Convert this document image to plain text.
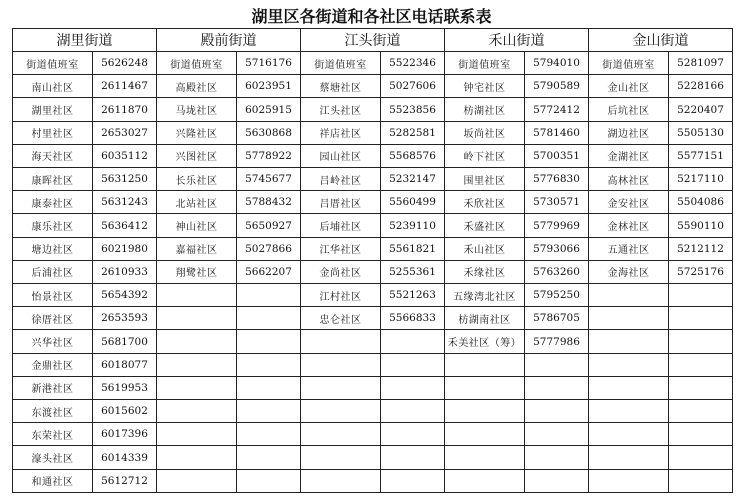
湖里区各街道和各社区电话联系表
湖里街道		殿前街道		江头街道		禾山街道		金山街道	
街道值班室	5626248	街道值班室	5716176	街道值班室	5522346	街道值班室	5794010	街道值班室	5281097
南山社区	2611467	高殿社区	6023951	蔡塘社区	5027606	钟宅社区	5790589	金山社区	5228166
湖里社区	2611870	马垅社区	6025915	江头社区	5523856	枋湖社区	5772412	后坑社区	5220407
村里社区	2653027	兴隆社区	5630868	祥店社区	5282581	坂尚社区	5781460	湖边社区	5505130
海天社区	6035112	兴图社区	5778922	园山社区	5568576	岭下社区	5700351	金湖社区	5577151
康晖社区	5631250	长乐社区	5745677	吕岭社区	5232147	围里社区	5776830	高林社区	5217110
康泰社区	5631243	北站社区	5788432	吕厝社区	5560499	禾欣社区	5730571	金安社区	5504086
康乐社区	5636412	神山社区	5650927	后埔社区	5239110	禾盛社区	5779969	金林社区	5590110
塘边社区	6021980	嘉福社区	5027866	江华社区	5561821	禾山社区	5793066	五通社区	5212112
后浦社区	2610933	翔鹭社区	5662207	金尚社区	5255361	禾缘社区	5763260	金海社区	5725176
怡景社区	5654392			江村社区	5521263	五缘湾北社区	5795250		
徐厝社区	2653593			忠仑社区	5566833	枋湖南社区	5786705		
兴华社区	5681700					禾美社区（筹）	5777986		
金鼎社区	6018077								
新港社区	5619953								
东渡社区	6015602								
东荣社区	6017396								
濠头社区	6014339								
和通社区	5612712								
